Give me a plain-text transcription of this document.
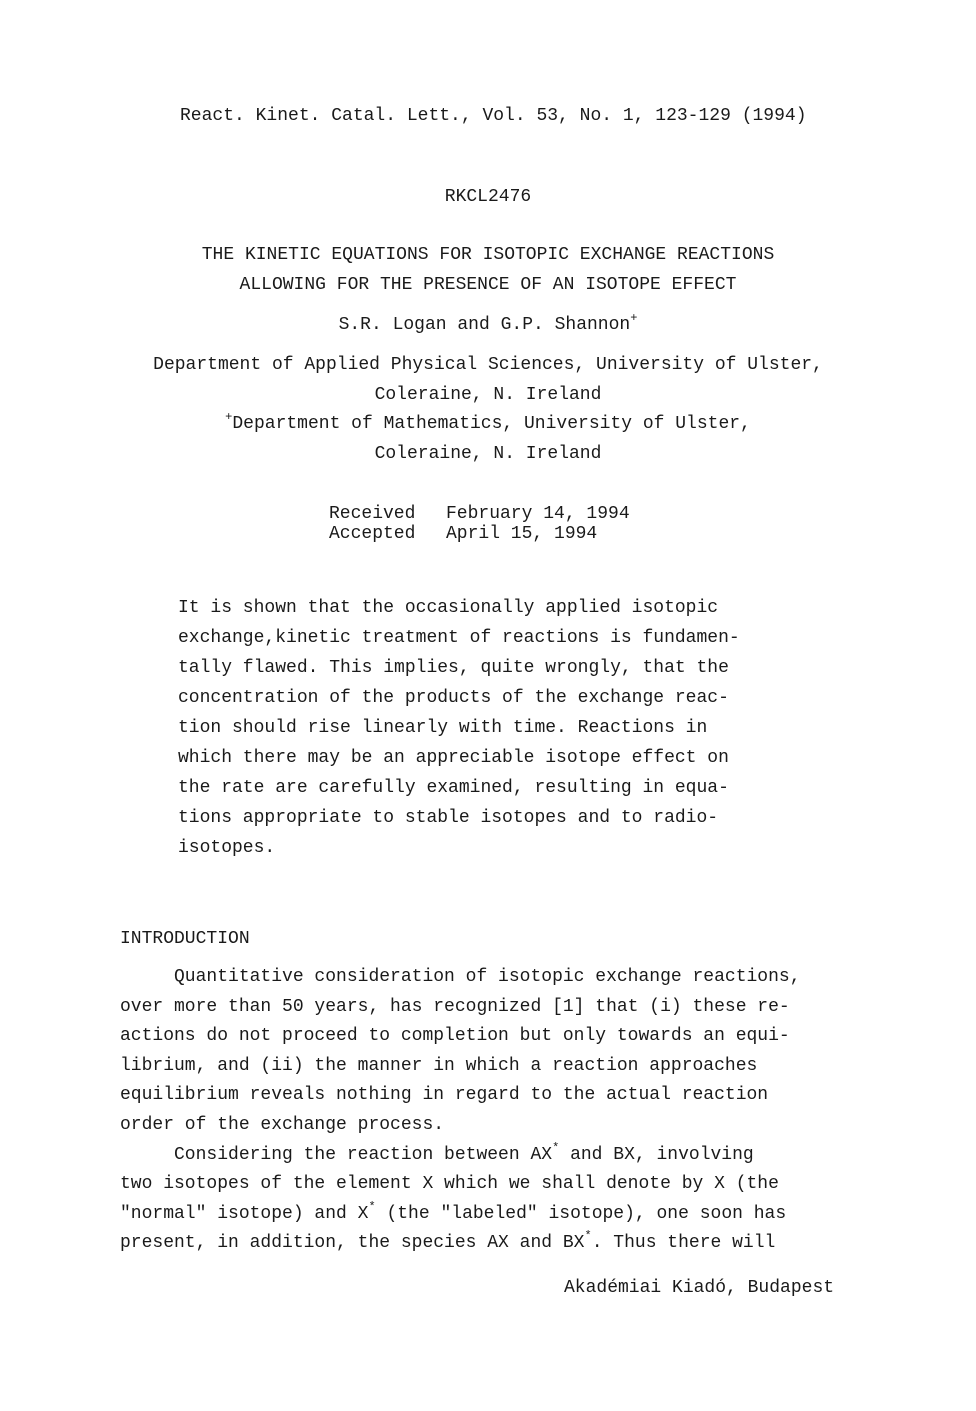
React. Kinet. Catal. Lett., Vol. 53, No. 1, 123-129 (1994)
RKCL2476
THE KINETIC EQUATIONS FOR ISOTOPIC EXCHANGE REACTIONS
ALLOWING FOR THE PRESENCE OF AN ISOTOPE EFFECT
S.R. Logan and G.P. Shannon+
Department of Applied Physical Sciences, University of Ulster,
Coleraine, N. Ireland
+Department of Mathematics, University of Ulster,
Coleraine, N. Ireland
Received February 14, 1994
Accepted April 15, 1994
It is shown that the occasionally applied isotopic
exchange,kinetic treatment of reactions is fundamen-
tally flawed. This implies, quite wrongly, that the
concentration of the products of the exchange reac-
tion should rise linearly with time. Reactions in
which there may be an appreciable isotope effect on
the rate are carefully examined, resulting in equa-
tions appropriate to stable isotopes and to radio-
isotopes.
INTRODUCTION
Quantitative consideration of isotopic exchange reactions,
over more than 50 years, has recognized [1] that (i) these re-
actions do not proceed to completion but only towards an equi-
librium, and (ii) the manner in which a reaction approaches
equilibrium reveals nothing in regard to the actual reaction
order of the exchange process.
Considering the reaction between AX* and BX, involving
two isotopes of the element X which we shall denote by X (the
"normal" isotope) and X* (the "labeled" isotope), one soon has
present, in addition, the species AX and BX*. Thus there will
Akadémiai Kiadó, Budapest
